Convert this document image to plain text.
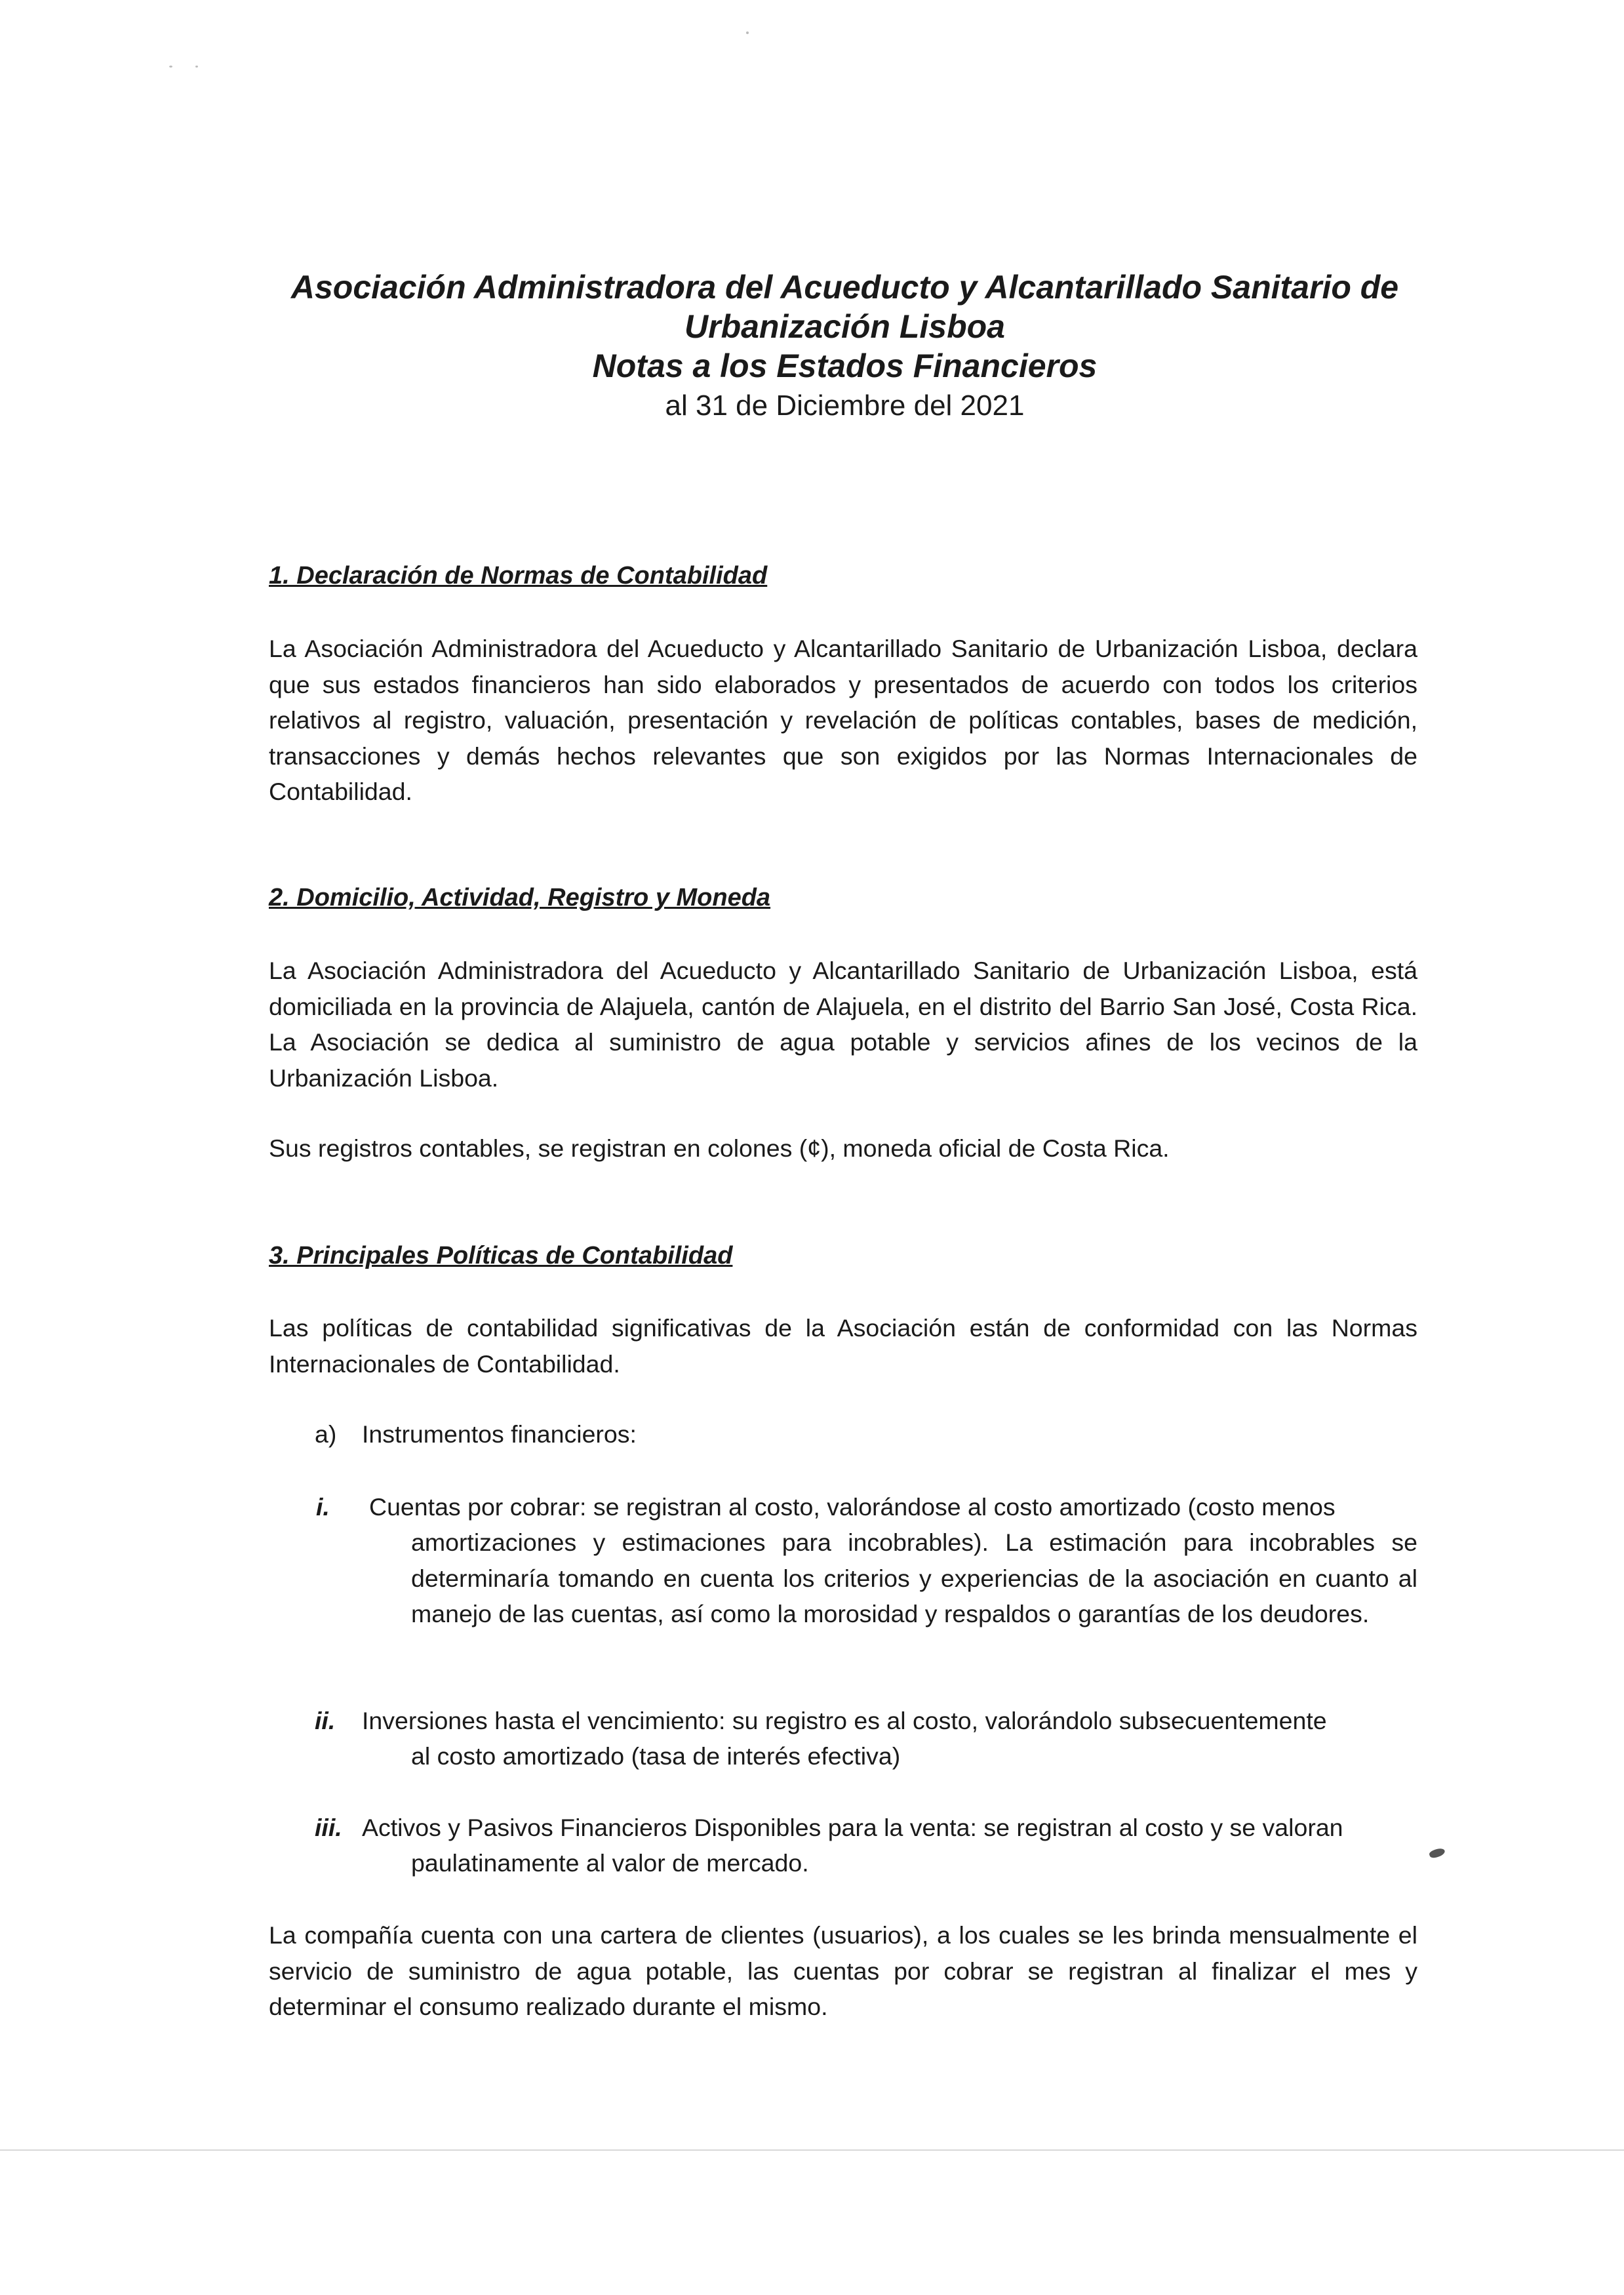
Asociación Administradora del Acueducto y Alcantarillado Sanitario de

Urbanización Lisboa

Notas a los Estados Financieros

al 31 de Diciembre del 2021

1. Declaración de Normas de Contabilidad

La Asociación Administradora del Acueducto y Alcantarillado Sanitario de Urbanización Lisboa, declara que sus estados financieros han sido elaborados y presentados de acuerdo con todos los criterios relativos al registro, valuación, presentación y revelación de políticas contables, bases de medición, transacciones y demás hechos relevantes que son exigidos por las Normas Internacionales de Contabilidad.

2. Domicilio, Actividad, Registro y Moneda

La Asociación Administradora del Acueducto y Alcantarillado Sanitario de Urbanización Lisboa, está domiciliada en la provincia de Alajuela, cantón de Alajuela, en el distrito del Barrio San José, Costa Rica. La Asociación se dedica al suministro de agua potable y servicios afines de los vecinos de la Urbanización Lisboa.

Sus registros contables, se registran en colones (¢), moneda oficial de Costa Rica.

3. Principales Políticas de Contabilidad

Las políticas de contabilidad significativas de la Asociación están de conformidad con las Normas Internacionales de Contabilidad.

a) Instrumentos financieros:
i. Cuentas por cobrar: se registran al costo, valorándose al costo amortizado (costo menos

amortizaciones y estimaciones para incobrables). La estimación para incobrables se determinaría tomando en cuenta los criterios y experiencias de la asociación en cuanto al manejo de las cuentas, así como la morosidad y respaldos o garantías de los deudores.

ii. Inversiones hasta el vencimiento: su registro es al costo, valorándolo subsecuentemente

al costo amortizado (tasa de interés efectiva)

iii. Activos y Pasivos Financieros Disponibles para la venta: se registran al costo y se valoran

paulatinamente al valor de mercado.

La compañía cuenta con una cartera de clientes (usuarios), a los cuales se les brinda mensualmente el servicio de suministro de agua potable, las cuentas por cobrar se registran al finalizar el mes y determinar el consumo realizado durante el mismo.
